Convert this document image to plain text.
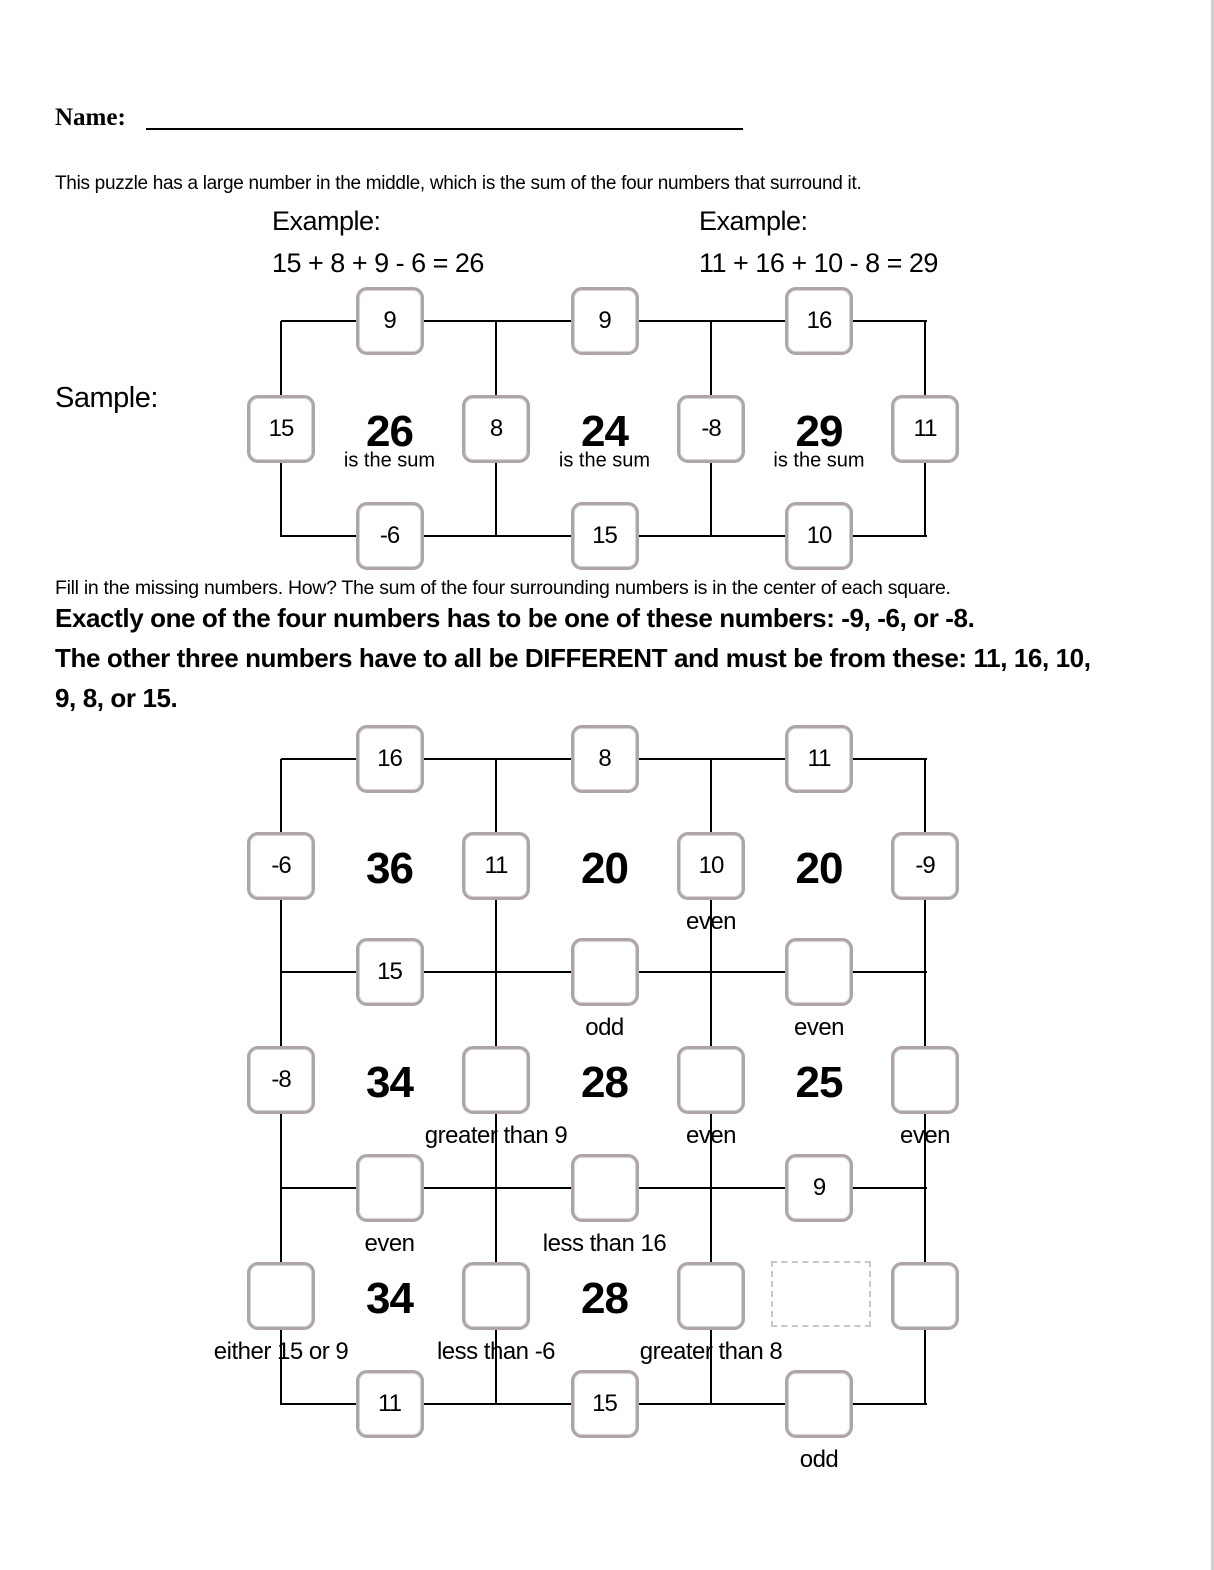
Name:
This puzzle has a large number in the middle, which is the sum of the four numbers that surround it.
Example:
15 + 8 + 9 - 6 = 26
Example:
11 + 16 + 10 - 8 = 29
Sample:
9	9	16
-6	15	10
15	8	-8	11
26
is the sum
24
is the sum
29
is the sum
Fill in the missing numbers. How? The sum of the four surrounding numbers is in the center of each square.
Exactly one of the four numbers has to be one of these numbers: -9, -6, or -8.
The other three numbers have to all be DIFFERENT and must be from these: 11, 16, 10,
9, 8, or 15.
16	8	11
15
odd	even
even	less than 16
9
11	15
odd
-6	11	10
even
-9
-8
greater than 9	even	even
either 15 or 9	less than -6	greater than 8
36	20	20
34	28	25
34	28
